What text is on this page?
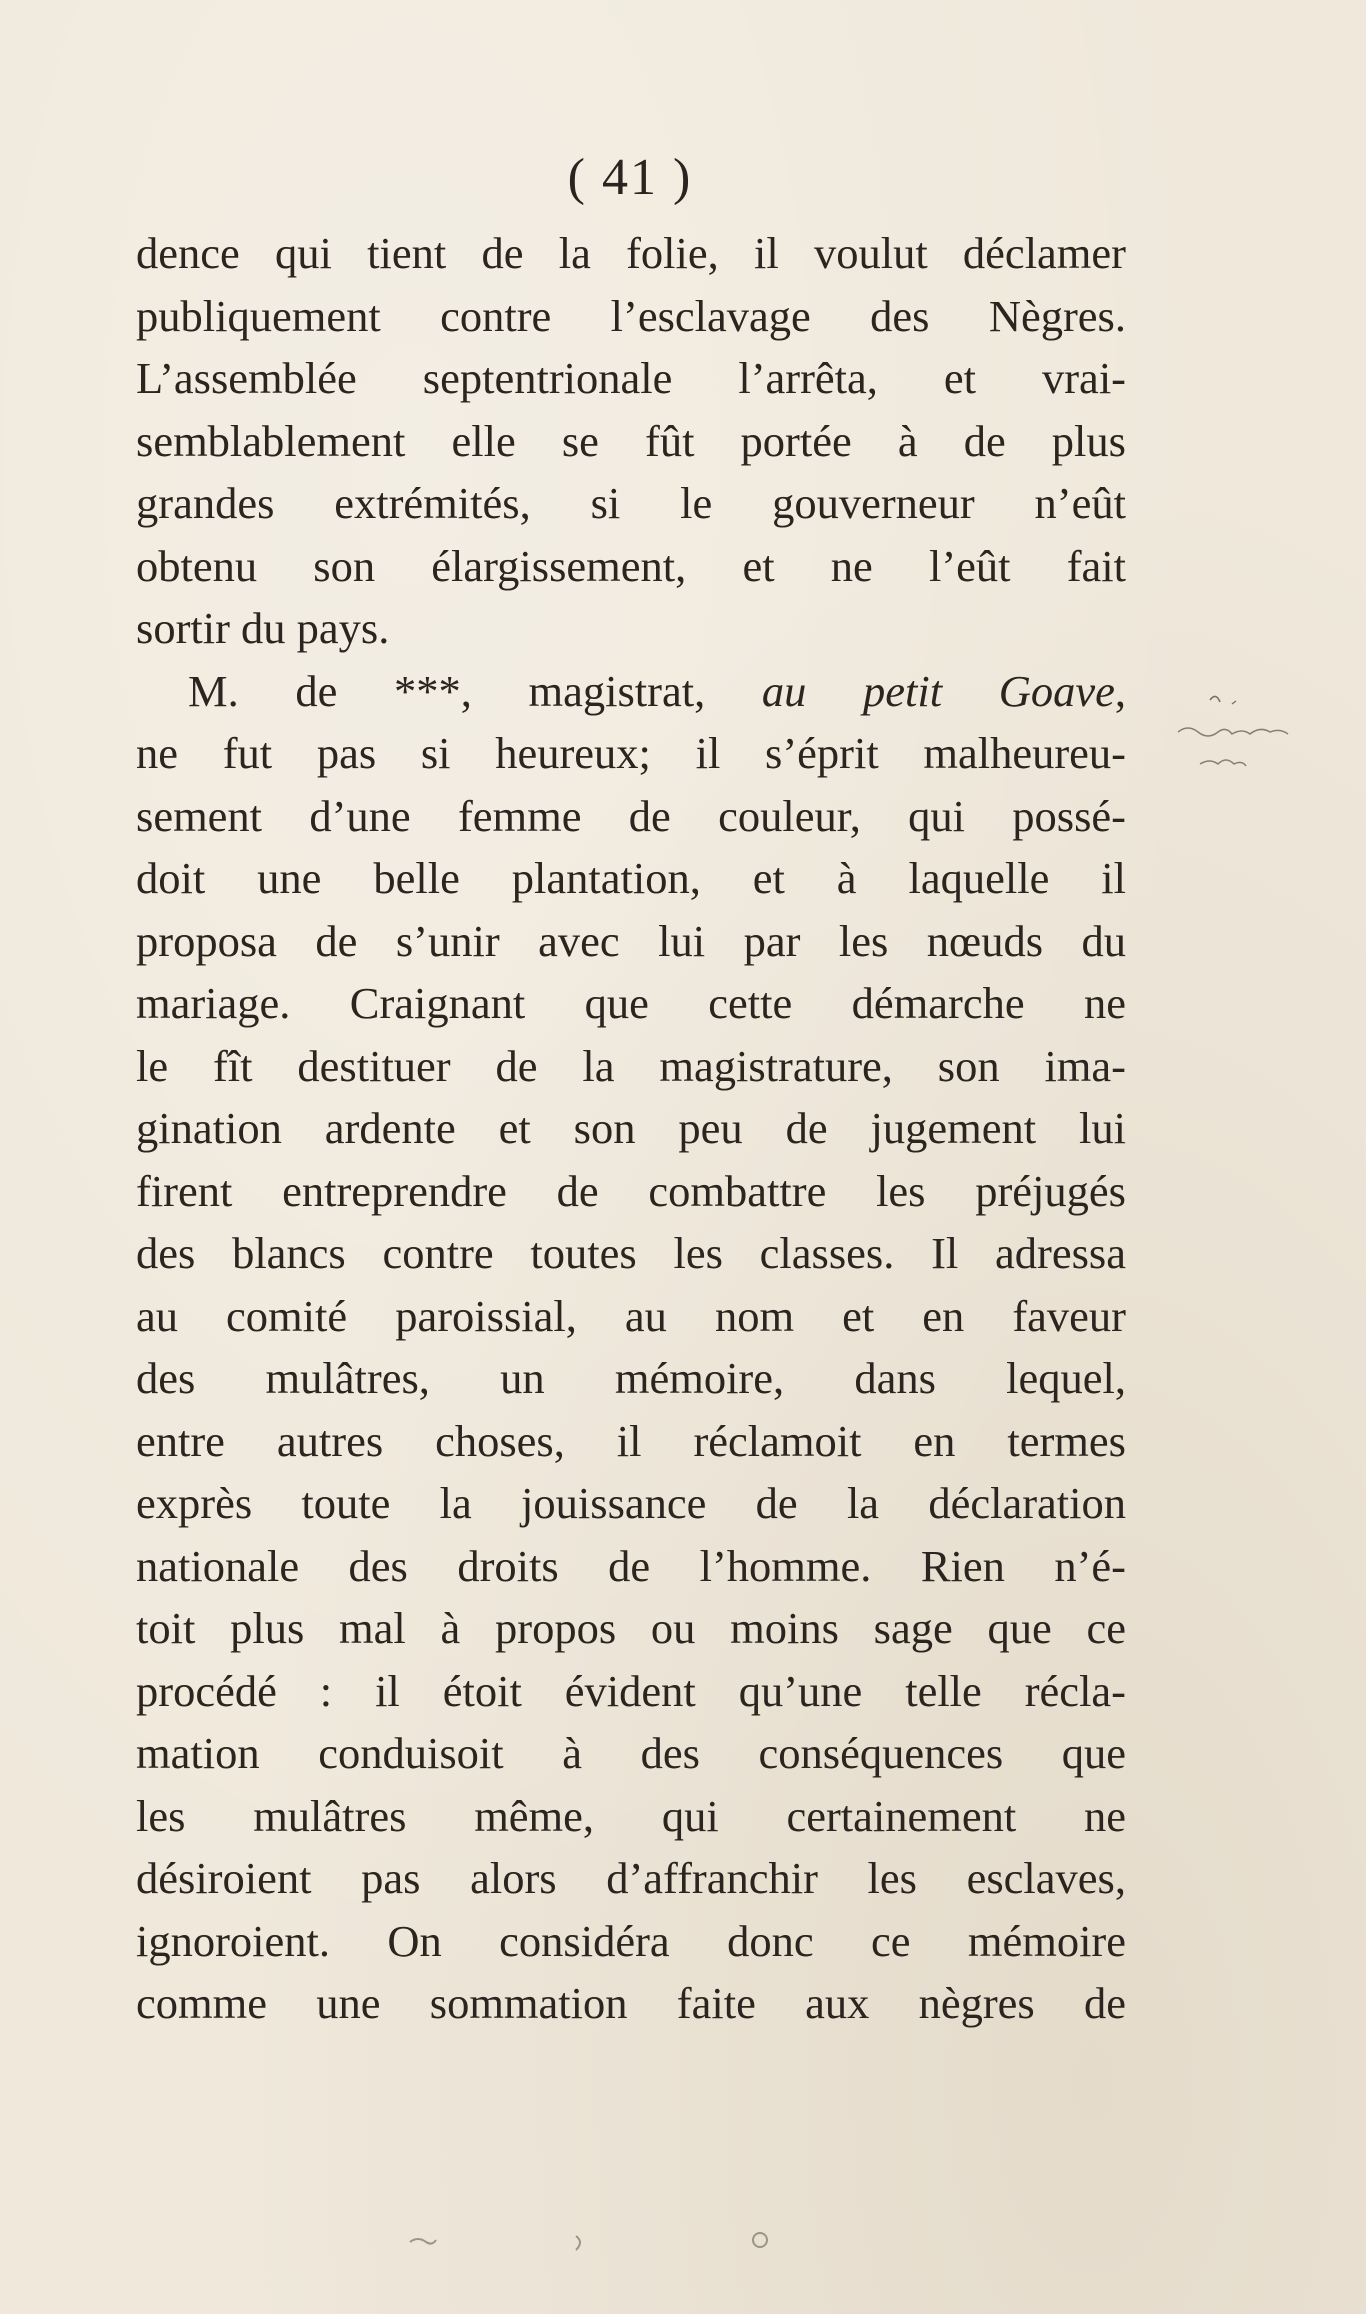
( 41 )
dence qui tient de la folie, il voulut déclamer
publiquement contre l’esclavage des Nègres.
L’assemblée septentrionale l’arrêta, et vrai-
semblablement elle se fût portée à de plus
grandes extrémités, si le gouverneur n’eût
obtenu son élargissement, et ne l’eût fait
sortir du pays.
M. de ***, magistrat, au petit Goave,
ne fut pas si heureux; il s’éprit malheureu-
sement d’une femme de couleur, qui possé-
doit une belle plantation, et à laquelle il
proposa de s’unir avec lui par les nœuds du
mariage. Craignant que cette démarche ne
le fît destituer de la magistrature, son ima-
gination ardente et son peu de jugement lui
firent entreprendre de combattre les préjugés
des blancs contre toutes les classes. Il adressa
au comité paroissial, au nom et en faveur
des mulâtres, un mémoire, dans lequel,
entre autres choses, il réclamoit en termes
exprès toute la jouissance de la déclaration
nationale des droits de l’homme. Rien n’é-
toit plus mal à propos ou moins sage que ce
procédé : il étoit évident qu’une telle récla-
mation conduisoit à des conséquences que
les mulâtres même, qui certainement ne
désiroient pas alors d’affranchir les esclaves,
ignoroient. On considéra donc ce mémoire
comme une sommation faite aux nègres de
